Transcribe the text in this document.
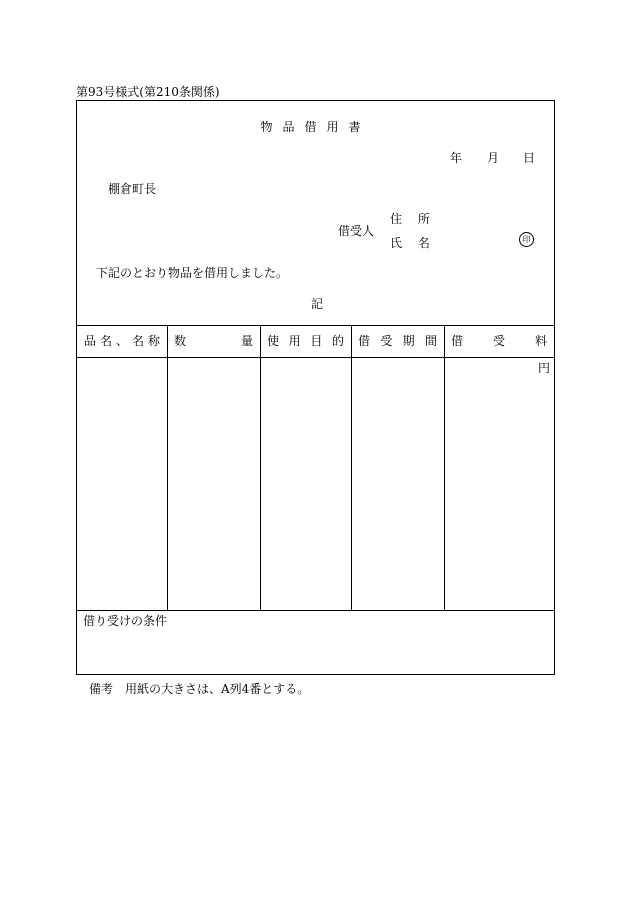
第93号様式(第210条関係)
物品借用書
年 月 日
棚倉町長
借受人
住 所
氏 名	印
下記のとおり物品を借用しました。
記
品 名 、 名 称 数	量 使 用 目 的 借 受 期 間 借 受 料
円
借り受けの条件
備考　用紙の大きさは、A列4番とする。
